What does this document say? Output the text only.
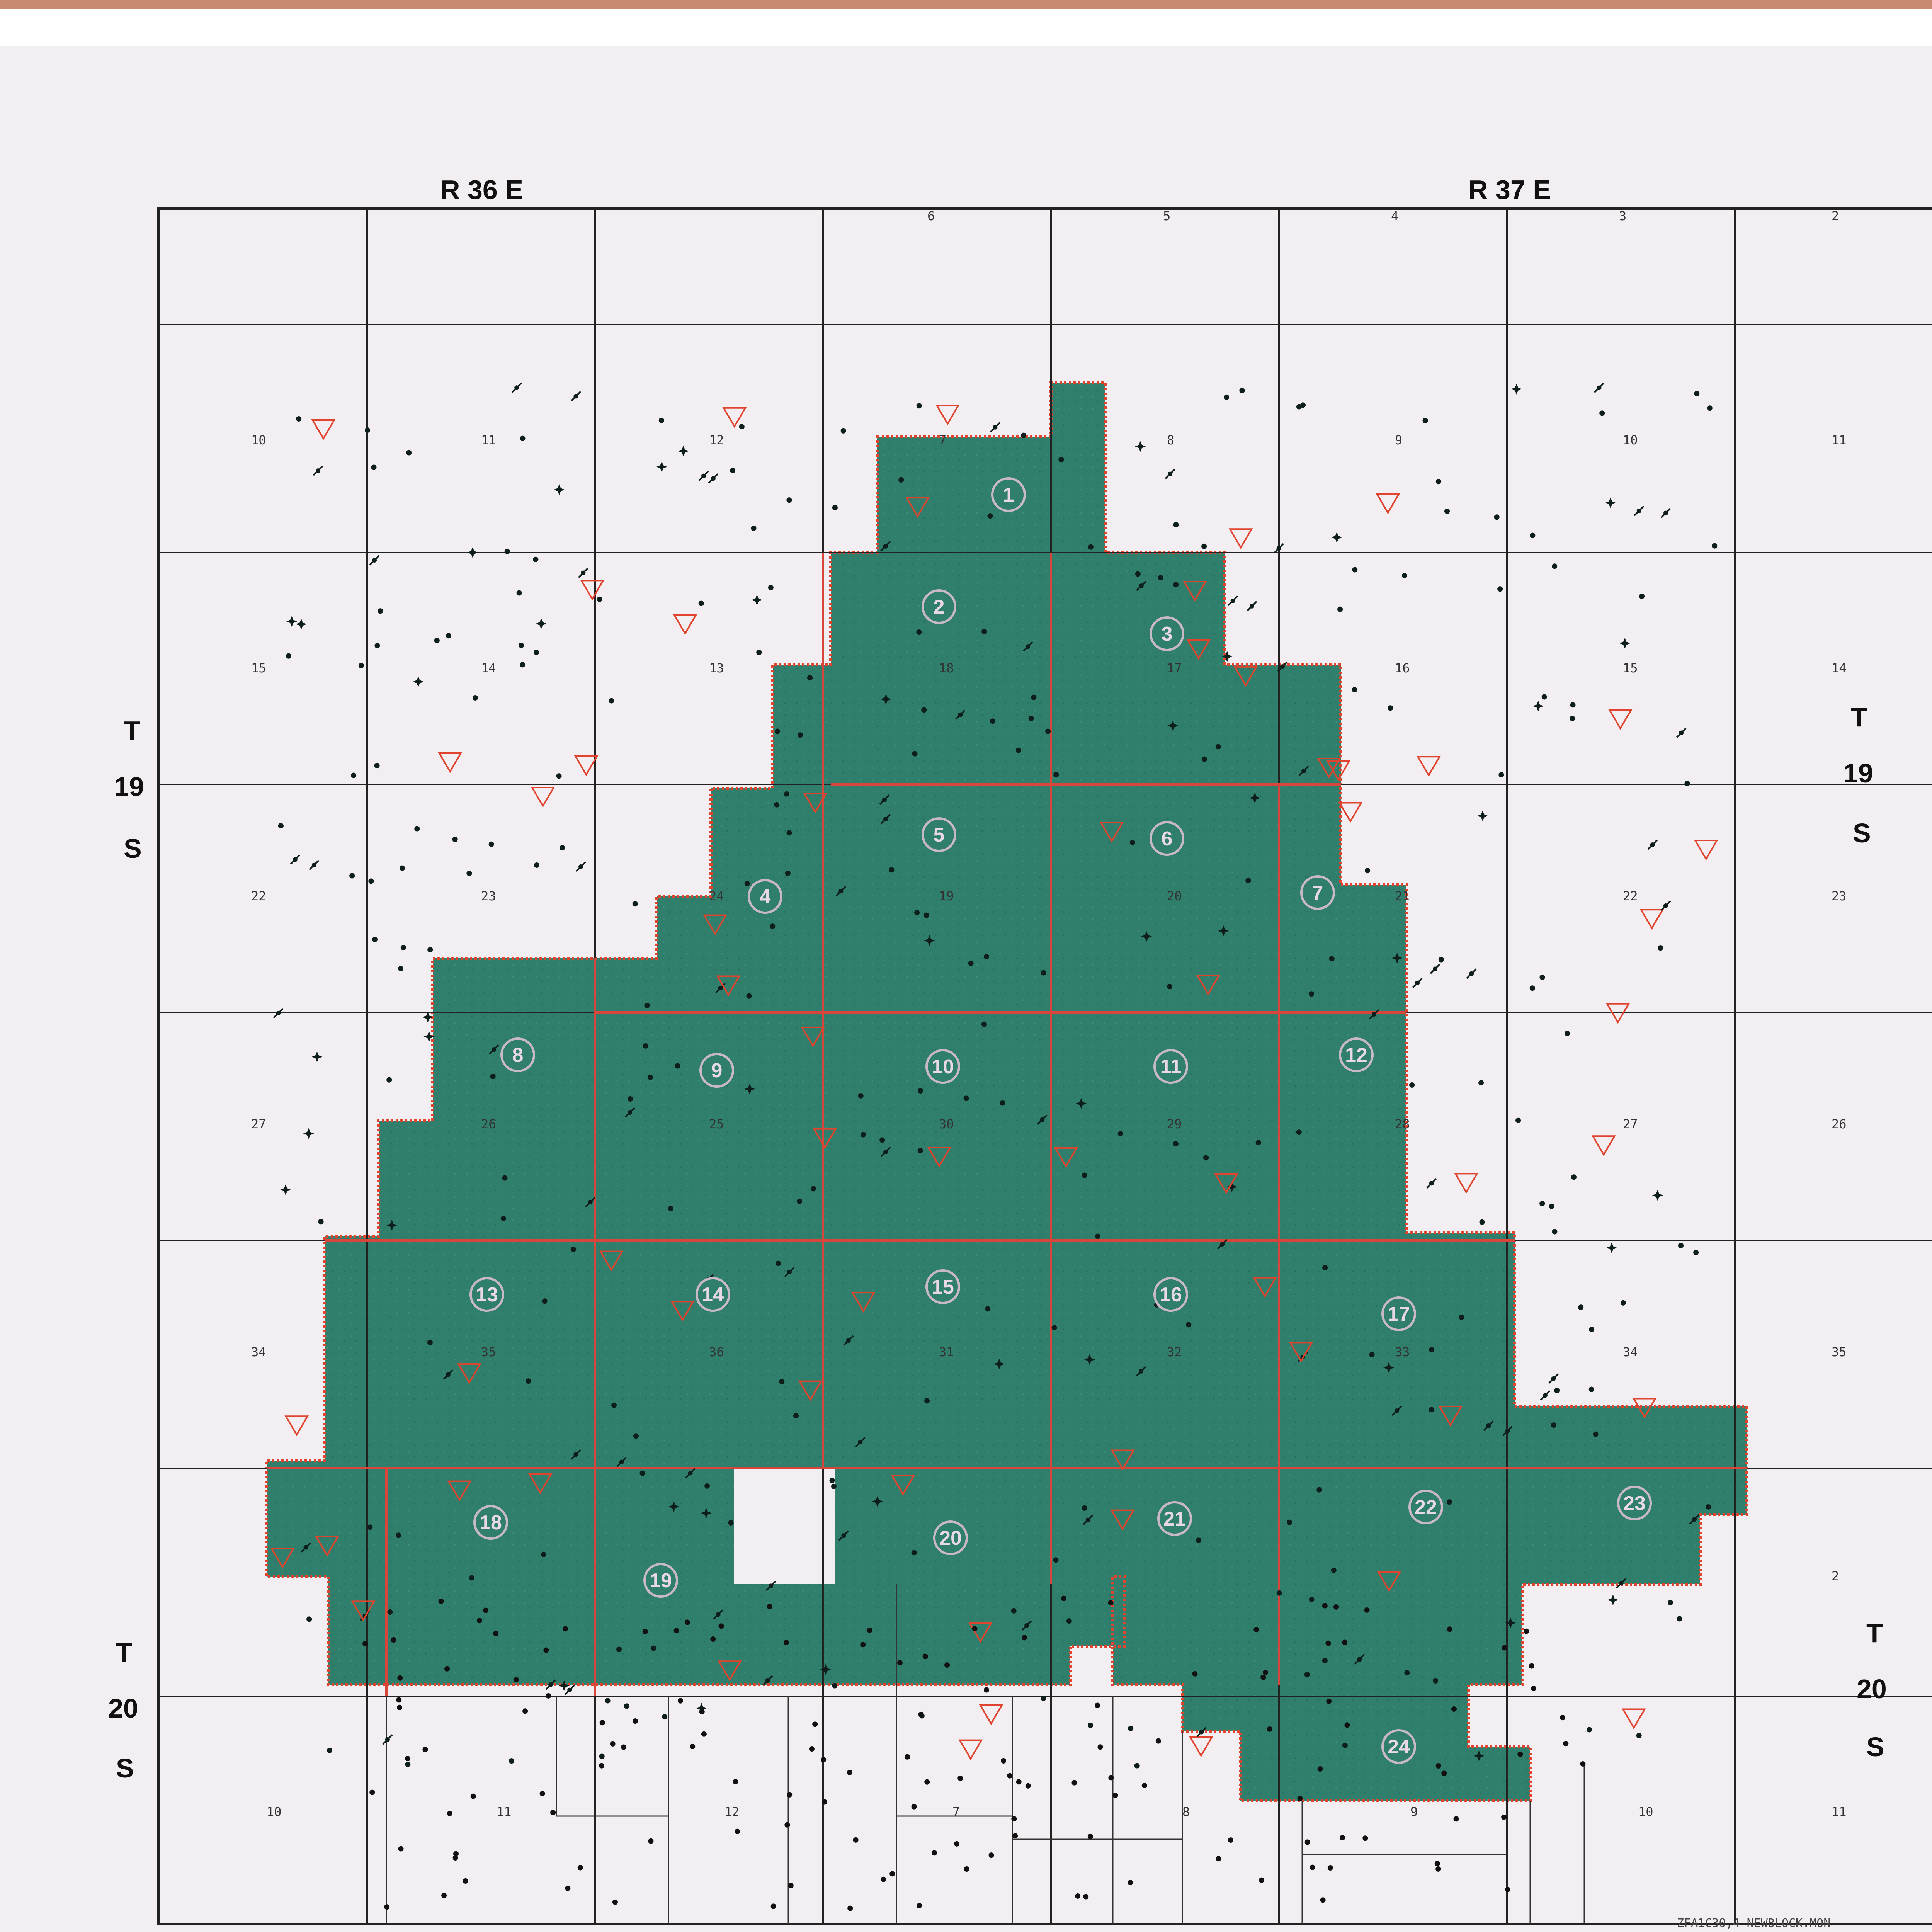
1
2
3
4
5	6
7
8
9	10	11
12
13	14	15	16
17
18
19
20
21
22	23
24
6	5	4	3	2
10	11	12	7	8	9	10	11
15	14	13	18	17	16	15	14
22	23	24	19	20	21	22	23
27	26	25	30	29	28	27	26
34	35	36	31	32	33	34	35
2
10	11	12	7	8	9	10	11
R 36 E	R 37 E
T
19
S
T
19
S
T
20
S
T
20
S
ZFA1C30,4 NEWBLOCK.MON
